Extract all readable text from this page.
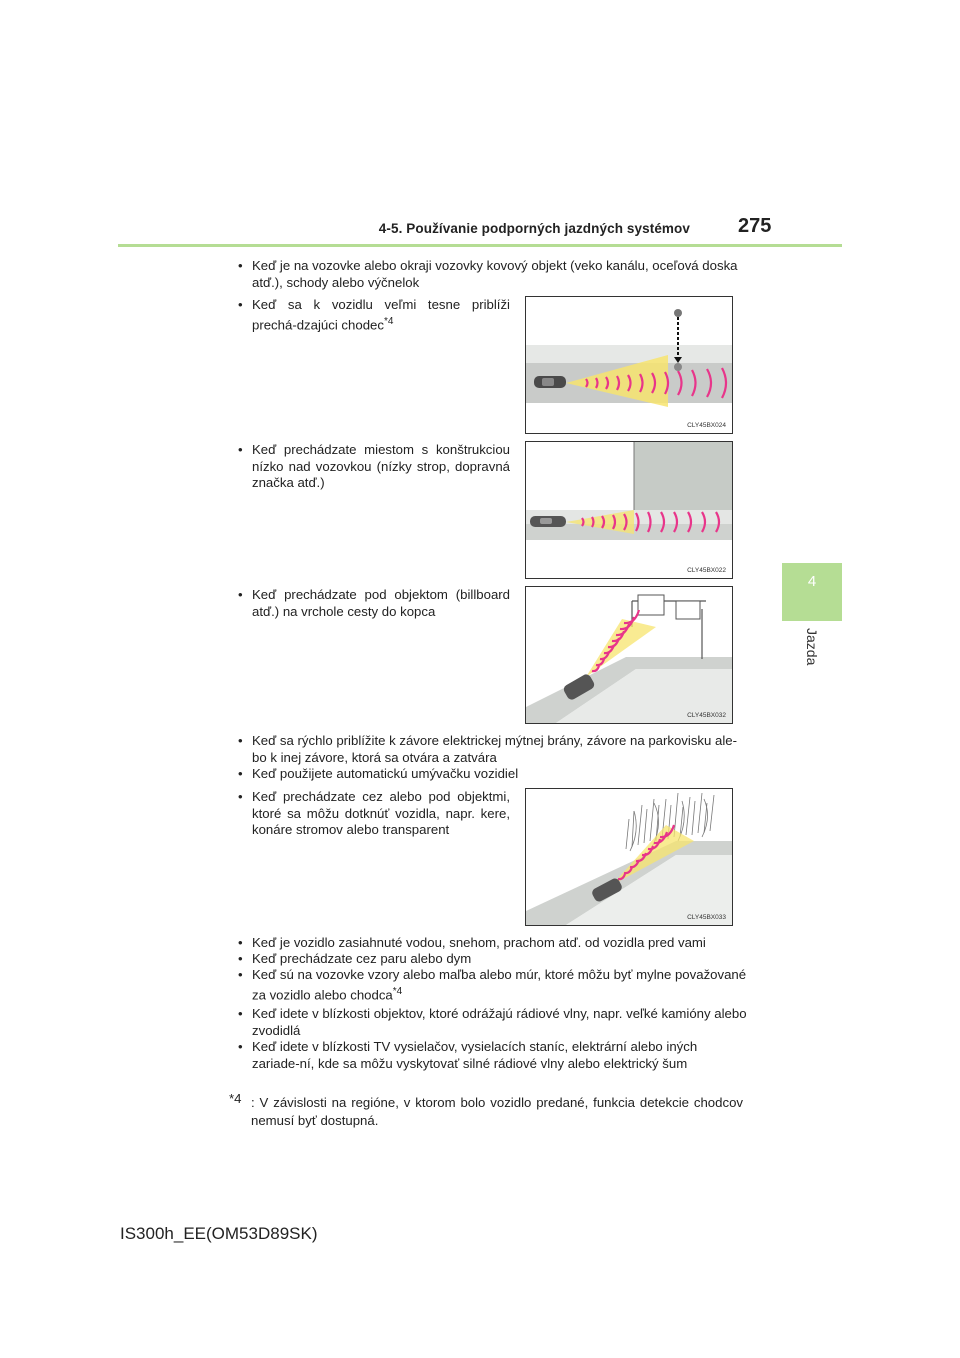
4-5. Používanie podporných jazdných systémov 275
4
Jazda
• Keď je na vozovke alebo okraji vozovky kovový objekt (veko kanálu, oceľová doska atď.), schody alebo výčnelok
• Keď sa k vozidlu veľmi tesne priblíži prechá-dzajúci chodec$^{*4}$
CLY45BX024
• Keď prechádzate miestom s konštrukciou nízko nad vozovkou (nízky strop, dopravná značka atď.)
CLY45BX022
• Keď prechádzate pod objektom (billboard atď.) na vrchole cesty do kopca
CLY45BX032
• Keď sa rýchlo priblížite k závore elektrickej mýtnej brány, závore na parkovisku ale-bo k inej závore, ktorá sa otvára a zatvára
• Keď použijete automatickú umývačku vozidiel
• Keď prechádzate cez alebo pod objektmi, ktoré sa môžu dotknúť vozidla, napr. kere, konáre stromov alebo transparent
CLY45BX033
• Keď je vozidlo zasiahnuté vodou, snehom, prachom atď. od vozidla pred vami
• Keď prechádzate cez paru alebo dym
• Keď sú na vozovke vzory alebo maľba alebo múr, ktoré môžu byť mylne považované za vozidlo alebo chodca$^{*4}$
• Keď idete v blízkosti objektov, ktoré odrážajú rádiové vlny, napr. veľké kamióny alebo zvodidlá
• Keď idete v blízkosti TV vysielačov, vysielacích staníc, elektrární alebo iných zariade-ní, kde sa môžu vyskytovať silné rádiové vlny alebo elektrický šum
*4 : V závislosti na regióne, v ktorom bolo vozidlo predané, funkcia detekcie chodcov nemusí byť dostupná.
IS300h_EE(OM53D89SK)
